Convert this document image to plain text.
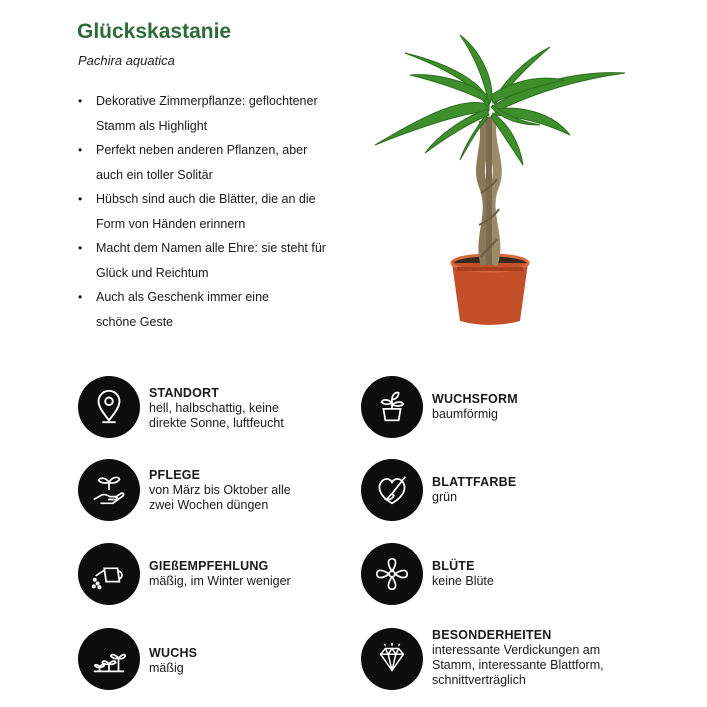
Glückskastanie
Pachira aquatica
• Dekorative Zimmerpflanze: geflochtener
Stamm als Highlight
• Perfekt neben anderen Pflanzen, aber
auch ein toller Solitär
• Hübsch sind auch die Blätter, die an die
Form von Händen erinnern
• Macht dem Namen alle Ehre: sie steht für
Glück und Reichtum
• Auch als Geschenk immer eine
schöne Geste
STANDORT
hell, halbschattig, keine
direkte Sonne, luftfeucht
PFLEGE
von März bis Oktober alle
zwei Wochen düngen
GIEßEMPFEHLUNG
mäßig, im Winter weniger
WUCHS
mäßig
WUCHSFORM
baumförmig
BLATTFARBE
grün
BLÜTE
keine Blüte
BESONDERHEITEN
interessante Verdickungen am
Stamm, interessante Blattform,
schnittverträglich
